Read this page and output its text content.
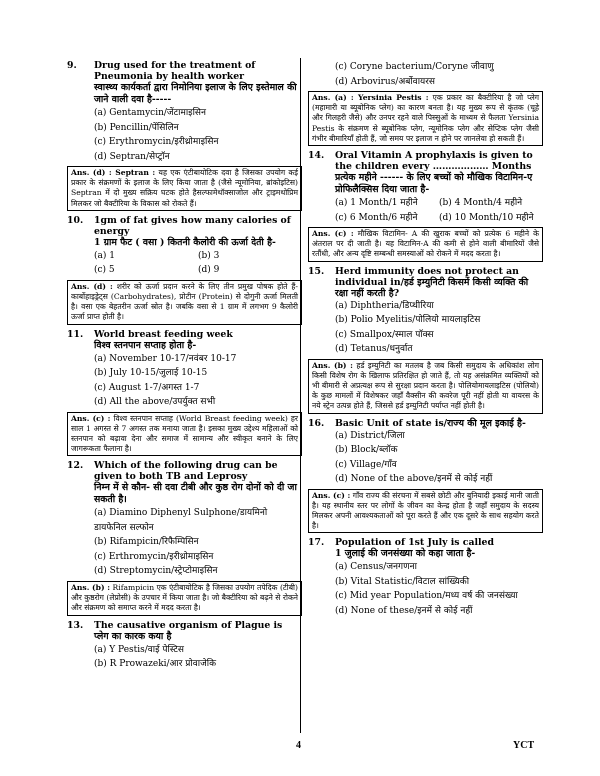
9.	Drug used for the treatment of Pneumonia by health worker
स्वास्थ्य कार्यकर्ता द्वारा निमोनिया इलाज के लिए इस्तेमाल की जाने वाली दवा है-----
(a) Gentamycin/जेंटामाइसिन
(b) Pencillin/पेंसिलिन
(c) Erythromycin/इरीथ्रोमाइसिन
(d) Septran/सेप्ट्रॉन
Ans. (d) : Septran : यह एक एंटीबायोटिक दवा है जिसका उपयोग कई प्रकार के संक्रमणों के इलाज के लिए किया जाता है (जैसे न्यूमोनिया, ब्रांकोइटिस) Septran में दो मुख्य सक्रिय घटक होते हैसल्फामेथॉक्साजोल और ट्राइमथोप्रिम मिलकर जो बैक्टीरिया के विकास को रोकते हैं।
10.	1gm of fat gives how many calories of energy
1 ग्राम फैट ( वसा ) कितनी कैलोरी की ऊर्जा देती है-
(a) 1	(b) 3
(c) 5	(d) 9
Ans. (d) : शरीर को ऊर्जा प्रदान करने के लिए तीन प्रमुख पोषक होते हैं- कार्बोहाइड्रेट्स (Carbohydrates), प्रोटीन (Protein) से दोगुनी ऊर्जा मिलती है। वसा एक बेहतरीन ऊर्जा स्रोत है। जबकि वसा से 1 ग्राम में लगभग 9 कैलोरी ऊर्जा प्राप्त होती है।
11.	World breast feeding week
विश्व स्तनपान सप्ताह होता है-
(a) November 10-17/नवंबर 10-17
(b) July 10-15/जुलाई 10-15
(c) August 1-7/अगस्त 1-7
(d) All the above/उपर्युक्त सभी
Ans. (c) : विश्व स्तनपान सप्ताह (World Breast feeding week) हर साल 1 अगस्त से 7 अगस्त तक मनाया जाता है। इसका मुख्य उद्देश्य महिलाओं को स्तनपान को बढ़ावा देना और समाज में सामान्य और स्वीकृत बनाने के लिए जागरूकता फैलाना है।
12.	Which of the following drug can be given to both TB and Leprosy
निम्न में से कौन- सी दवा टीबी और कुष्ठ रोग दोनों को दी जा सकती है।
(a) Diamino Diphenyl Sulphone/डायमिनो डायफेनिल सल्फोन
(b) Rifampicin/रिफैम्पिसिन
(c) Erthromycin/इरीथ्रोमाइसिन
(d) Streptomycin/स्ट्रेप्टोमाइसिन
Ans. (b) : Rifampicin एक एंटीबायोटिक है जिसका उपयोग तपेदिक (टीबी) और कुष्ठरोग (लेप्रोसी) के उपचार में किया जाता है। जो बैक्टीरिया को बढ़ने से रोकने और संक्रमण को समाप्त करने में मदद करता है।
13.	The causative organism of Plague is
प्लेग का कारक कया है
(a) Y Pestis/वाई पेस्टिस
(b) R Prowazeki/आर प्रोवाजेकि
(c) Coryne bacterium/Coryne जीवाणु
(d) Arbovirus/अर्बोवायरस
Ans. (a) : Yersinia Pestis : एक प्रकार का बैक्टीरिया है जो प्लेग (महामारी या ब्यूबोनिक प्लेग) का कारण बनता है। यह मुख्य रूप से कृंतक (चूहे और गिलहरी जैसे) और उनपर रहने वाले पिस्सुओं के माध्यम से फैलता Yersinia Pestis के संक्रमण से ब्यूबोनिक प्लेग, न्यूमोनिक प्लेग और सेप्टिक प्लेग जैसी गंभीर बीमारियाँ होती हैं, जो समय पर इलाज न होने पर जानलेवा हो सकती हैं।
14.	Oral Vitamin A prophylaxis is given to the children every ……………… Months
प्रत्येक महीने ------ के लिए बच्चों को मौखिक विटामिन-ए प्रोफिलैक्सिस दिया जाता है-
(a) 1 Month/1 महीने	(b) 4 Month/4 महीने
(c) 6 Month/6 महीने	(d) 10 Month/10 महीने
Ans. (c) : मौखिक विटामिन- A की खुराक बच्चों को प्रत्येक 6 महीने के अंतराल पर दी जाती है। यह विटामिन-A की कमी से होने वाली बीमारियों जैसे रतौंधी, और अन्य दृष्टि सम्बन्धी समस्याओं को रोकने में मदद करता है।
15.	Herd immunity does not protect an individual in/हर्ड इम्युनिटी किसमें किसी व्यक्ति की रक्षा नहीं करती है?
(a) Diphtheria/डिप्थीरिया
(b) Polio Myelitis/पोलियो मायलाइटिस
(c) Smallpox/स्माल पॉक्स
(d) Tetanus/धनुर्वात
Ans. (b) : हर्ड इम्युनिटी का मतलब है जब किसी समुदाय के अधिकांश लोग किसी विशेष रोग के खिलाफ प्रतिरक्षित हो जाते हैं, तो यह असंक्रमित व्यक्तियों को भी बीमारी से अप्रत्यक्ष रूप से सुरक्षा प्रदान करता है। पोलियोमायलाइटिस (पोलियो) के कुछ मामलों में विशेषकर जहाँ वैक्सीन की कवरेज पूरी नहीं होती या वायरस के नये स्ट्रेन उत्पन्न होते हैं, जिससे हर्ड इम्युनिटी पर्याप्त नहीं होती है।
16.	Basic Unit of state is/राज्य की मूल इकाई है-
(a) District/जिला
(b) Block/ब्लॉक
(c) Village/गाँव
(d) None of the above/इनमें से कोई नहीं
Ans. (c) : गाँव राज्य की संरचना में सबसे छोटी और बुनियादी इकाई मानी जाती है। यह स्थानीय स्तर पर लोगों के जीवन का केन्द्र होता है जहाँ समुदाय के सदस्य मिलकर अपनी आवश्यकताओं को पूरा करते हैं और एक दूसरे के साथ सहयोग करते है।
17.	Population of 1st July is called
1 जुलाई की जनसंख्या को कहा जाता है-
(a) Census/जनगणना
(b) Vital Statistic/विटाल सांख्यिकी
(c) Mid year Population/मध्य वर्ष की जनसंख्या
(d) None of these/इनमें से कोई नहीं
4	YCT
